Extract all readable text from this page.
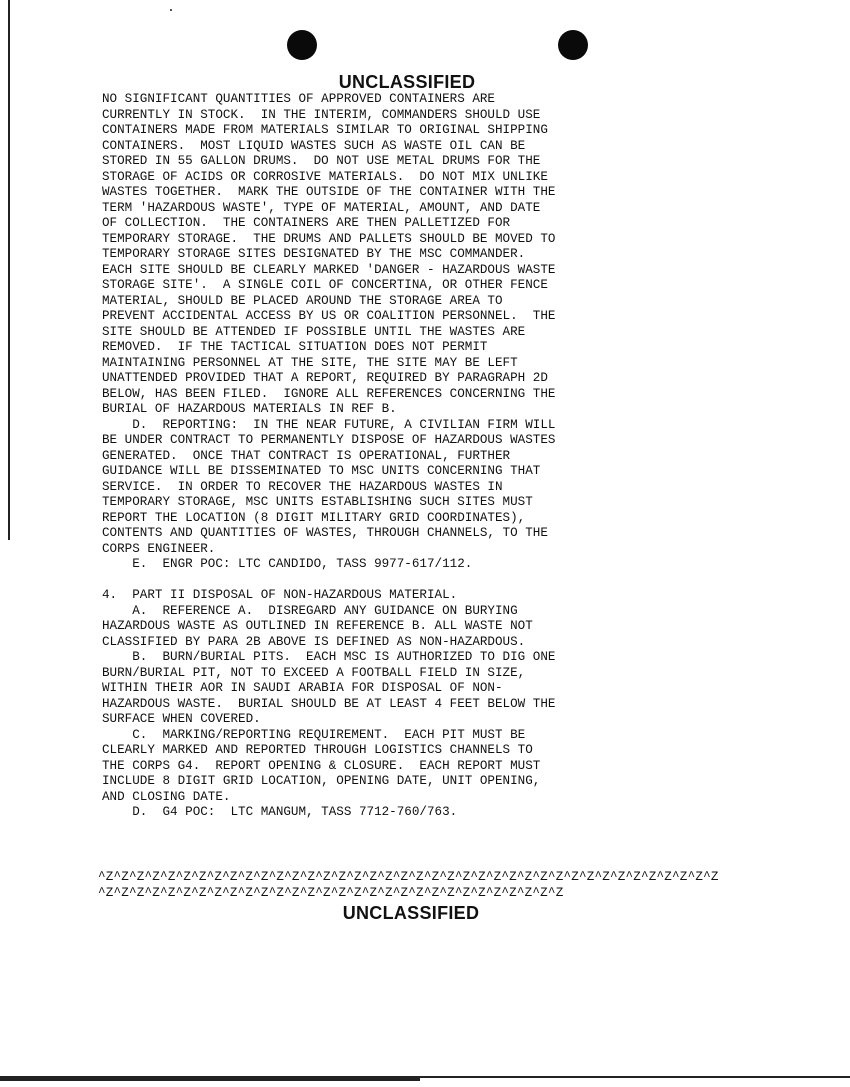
UNCLASSIFIED
NO SIGNIFICANT QUANTITIES OF APPROVED CONTAINERS ARE
CURRENTLY IN STOCK.  IN THE INTERIM, COMMANDERS SHOULD USE
CONTAINERS MADE FROM MATERIALS SIMILAR TO ORIGINAL SHIPPING
CONTAINERS.  MOST LIQUID WASTES SUCH AS WASTE OIL CAN BE
STORED IN 55 GALLON DRUMS.  DO NOT USE METAL DRUMS FOR THE
STORAGE OF ACIDS OR CORROSIVE MATERIALS.  DO NOT MIX UNLIKE
WASTES TOGETHER.  MARK THE OUTSIDE OF THE CONTAINER WITH THE
TERM 'HAZARDOUS WASTE', TYPE OF MATERIAL, AMOUNT, AND DATE
OF COLLECTION.  THE CONTAINERS ARE THEN PALLETIZED FOR
TEMPORARY STORAGE.  THE DRUMS AND PALLETS SHOULD BE MOVED TO
TEMPORARY STORAGE SITES DESIGNATED BY THE MSC COMMANDER.
EACH SITE SHOULD BE CLEARLY MARKED 'DANGER - HAZARDOUS WASTE
STORAGE SITE'.  A SINGLE COIL OF CONCERTINA, OR OTHER FENCE
MATERIAL, SHOULD BE PLACED AROUND THE STORAGE AREA TO
PREVENT ACCIDENTAL ACCESS BY US OR COALITION PERSONNEL.  THE
SITE SHOULD BE ATTENDED IF POSSIBLE UNTIL THE WASTES ARE
REMOVED.  IF THE TACTICAL SITUATION DOES NOT PERMIT
MAINTAINING PERSONNEL AT THE SITE, THE SITE MAY BE LEFT
UNATTENDED PROVIDED THAT A REPORT, REQUIRED BY PARAGRAPH 2D
BELOW, HAS BEEN FILED.  IGNORE ALL REFERENCES CONCERNING THE
BURIAL OF HAZARDOUS MATERIALS IN REF B.
D.  REPORTING:  IN THE NEAR FUTURE, A CIVILIAN FIRM WILL
BE UNDER CONTRACT TO PERMANENTLY DISPOSE OF HAZARDOUS WASTES
GENERATED.  ONCE THAT CONTRACT IS OPERATIONAL, FURTHER
GUIDANCE WILL BE DISSEMINATED TO MSC UNITS CONCERNING THAT
SERVICE.  IN ORDER TO RECOVER THE HAZARDOUS WASTES IN
TEMPORARY STORAGE, MSC UNITS ESTABLISHING SUCH SITES MUST
REPORT THE LOCATION (8 DIGIT MILITARY GRID COORDINATES),
CONTENTS AND QUANTITIES OF WASTES, THROUGH CHANNELS, TO THE
CORPS ENGINEER.
E.  ENGR POC: LTC CANDIDO, TASS 9977-617/112.
4.  PART II DISPOSAL OF NON-HAZARDOUS MATERIAL.
A.  REFERENCE A.  DISREGARD ANY GUIDANCE ON BURYING
HAZARDOUS WASTE AS OUTLINED IN REFERENCE B. ALL WASTE NOT
CLASSIFIED BY PARA 2B ABOVE IS DEFINED AS NON-HAZARDOUS.
B.  BURN/BURIAL PITS.  EACH MSC IS AUTHORIZED TO DIG ONE
BURN/BURIAL PIT, NOT TO EXCEED A FOOTBALL FIELD IN SIZE,
WITHIN THEIR AOR IN SAUDI ARABIA FOR DISPOSAL OF NON-
HAZARDOUS WASTE.  BURIAL SHOULD BE AT LEAST 4 FEET BELOW THE
SURFACE WHEN COVERED.
C.  MARKING/REPORTING REQUIREMENT.  EACH PIT MUST BE
CLEARLY MARKED AND REPORTED THROUGH LOGISTICS CHANNELS TO
THE CORPS G4.  REPORT OPENING & CLOSURE.  EACH REPORT MUST
INCLUDE 8 DIGIT GRID LOCATION, OPENING DATE, UNIT OPENING,
AND CLOSING DATE.
D.  G4 POC:  LTC MANGUM, TASS 7712-760/763.
^Z^Z^Z^Z^Z^Z^Z^Z^Z^Z^Z^Z^Z^Z^Z^Z^Z^Z^Z^Z^Z^Z^Z^Z^Z^Z^Z^Z^Z^Z^Z^Z^Z^Z^Z^Z^Z^Z^Z^Z
^Z^Z^Z^Z^Z^Z^Z^Z^Z^Z^Z^Z^Z^Z^Z^Z^Z^Z^Z^Z^Z^Z^Z^Z^Z^Z^Z^Z^Z^Z
UNCLASSIFIED
